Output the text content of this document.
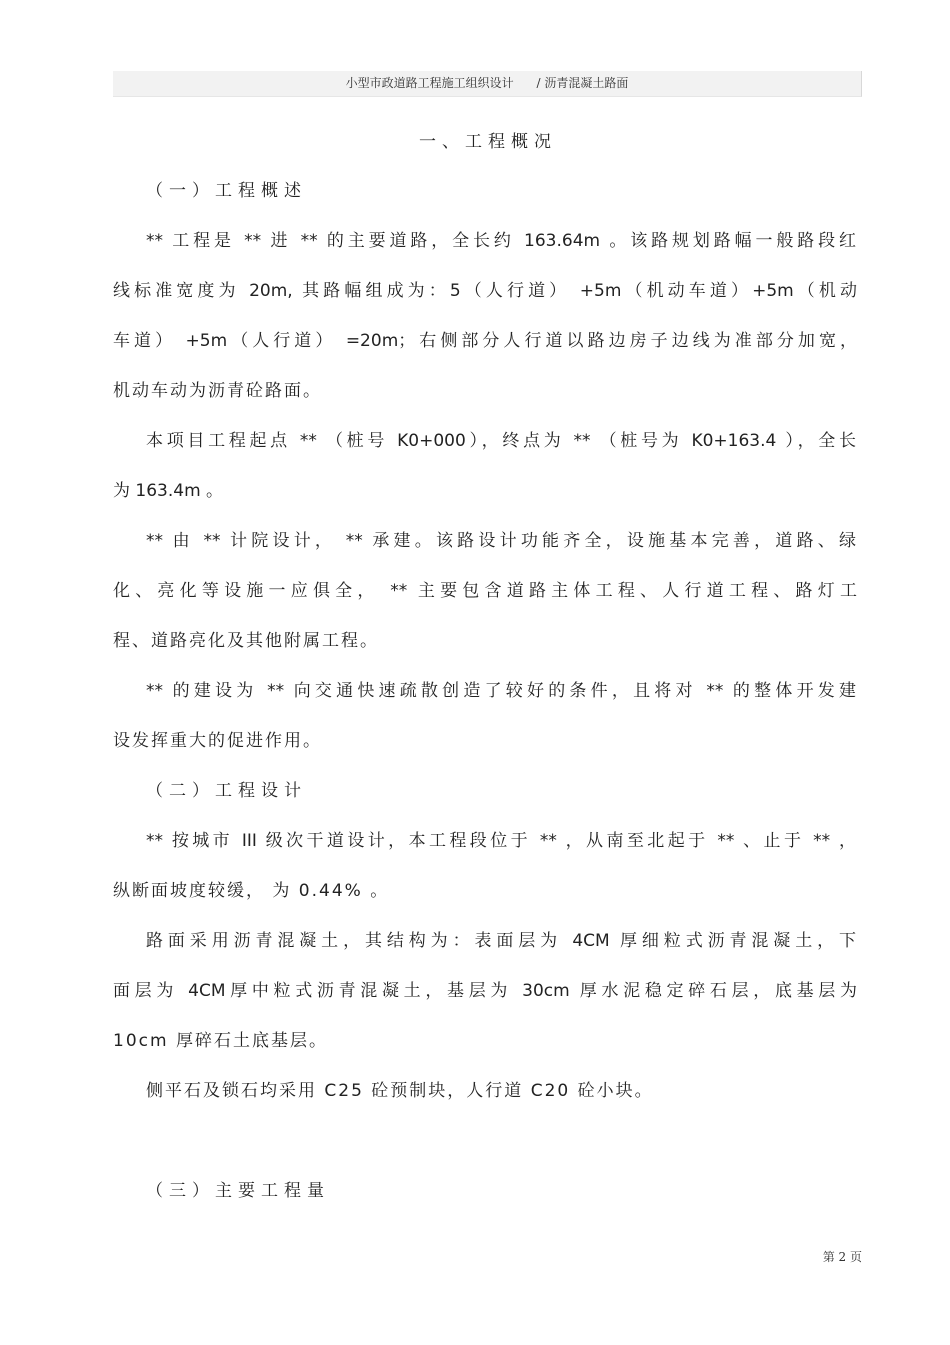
小型市政道路工程施工组织设计      / 沥青混凝土路面
一、工程概况
（一）工程概述
** 工程是 ** 进 ** 的主要道路，全长约 163.64m 。该路规划路幅一般路段红
线标准宽度为 20m, 其路幅组成为：5（人行道） +5m（机动车道）+5m（机动
车道） +5m（人行道） =20m；右侧部分人行道以路边房子边线为准部分加宽，
机动车动为沥青砼路面。
本项目工程起点 ** （桩号 K0+000），终点为 ** （桩号为 K0+163.4 ），全长
为 163.4m 。
** 由 ** 计院设计， ** 承建。该路设计功能齐全，设施基本完善，道路、绿
化、亮化等设施一应俱全， ** 主要包含道路主体工程、人行道工程、路灯工
程、道路亮化及其他附属工程。
** 的建设为 ** 向交通快速疏散创造了较好的条件，且将对 ** 的整体开发建
设发挥重大的促进作用。
（二）工程设计
** 按城市 III 级次干道设计，本工程段位于 ** ，从南至北起于 ** 、止于 ** ，
纵断面坡度较缓， 为 0.44% 。
路面采用沥青混凝土，其结构为：表面层为 4CM 厚细粒式沥青混凝土，下
面层为 4CM厚中粒式沥青混凝土，基层为 30cm 厚水泥稳定碎石层，底基层为
10cm 厚碎石土底基层。
侧平石及锁石均采用 C25 砼预制块，人行道 C20 砼小块。
（三）主要工程量
第 2 页
